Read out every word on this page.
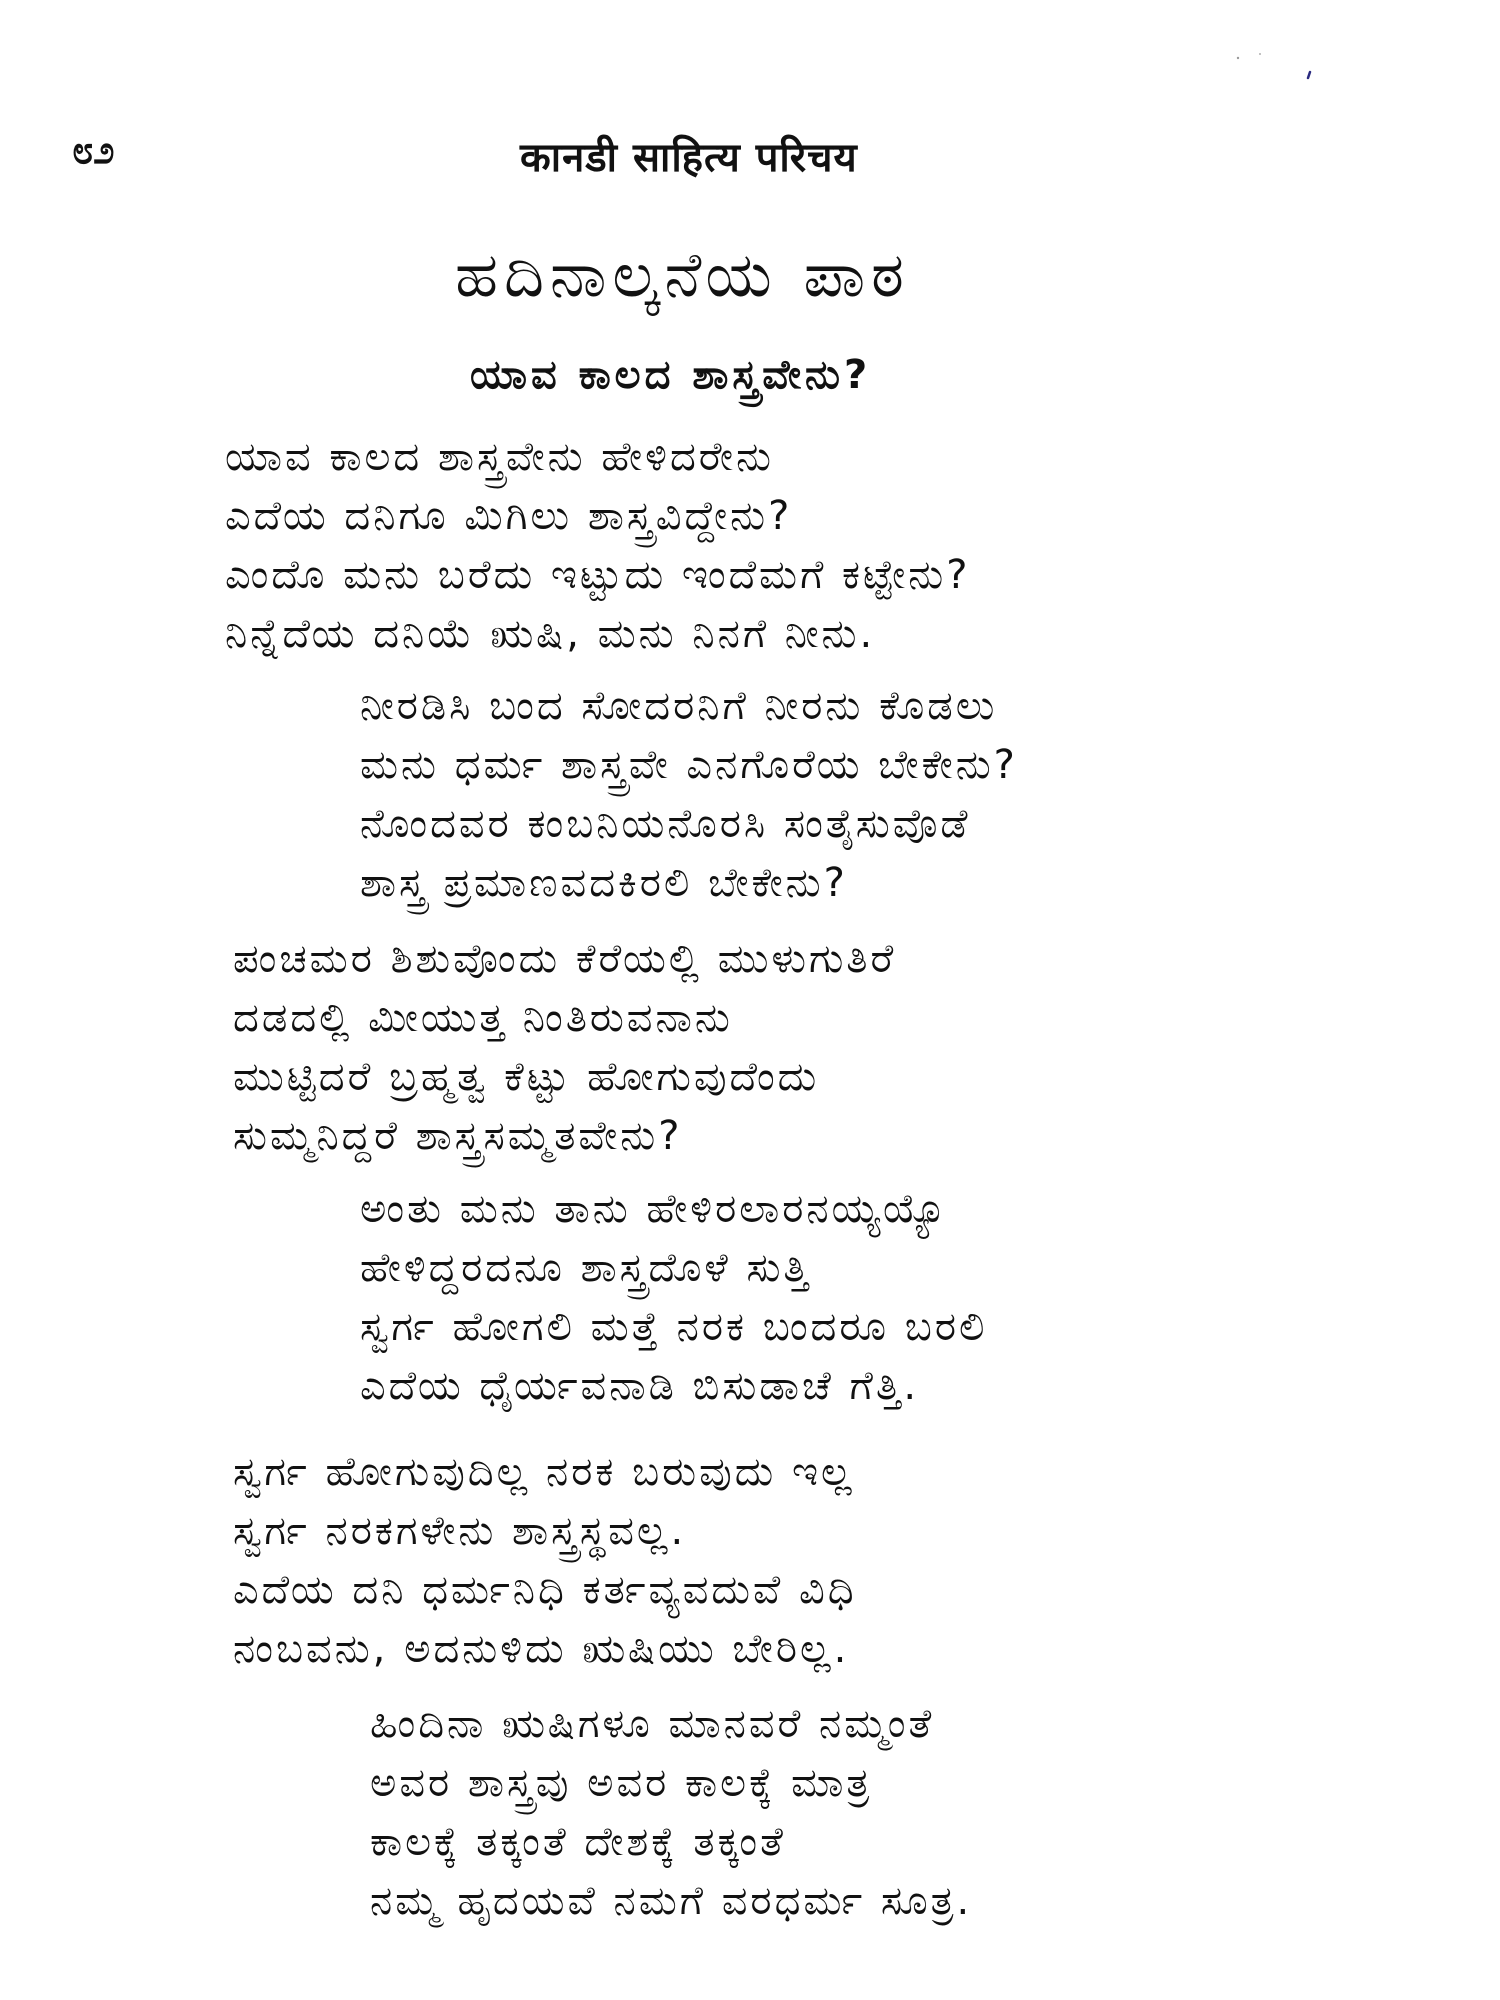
೮೨	कानडी साहित्य परिचय
ಹದಿನಾಲ್ಕನೆಯ ಪಾಠ
ಯಾವ ಕಾಲದ ಶಾಸ್ತ್ರವೇನು?
ಯಾವ ಕಾಲದ ಶಾಸ್ತ್ರವೇನು ಹೇಳಿದರೇನು
ಎದೆಯ ದನಿಗೂ ಮಿಗಿಲು ಶಾಸ್ತ್ರವಿದ್ದೇನು?
ಎಂದೊ ಮನು ಬರೆದು ಇಟ್ಟುದು ಇಂದೆಮಗೆ ಕಟ್ಟೇನು?
ನಿನ್ನೆದೆಯ ದನಿಯೆ ಋಷಿ, ಮನು ನಿನಗೆ ನೀನು.
ನೀರಡಿಸಿ ಬಂದ ಸೋದರನಿಗೆ ನೀರನು ಕೊಡಲು
ಮನು ಧರ್ಮ ಶಾಸ್ತ್ರವೇ ಎನಗೊರೆಯ ಬೇಕೇನು?
ನೊಂದವರ ಕಂಬನಿಯನೊರಸಿ ಸಂತೈಸುವೊಡೆ
ಶಾಸ್ತ್ರ ಪ್ರಮಾಣವದಕಿರಲಿ ಬೇಕೇನು?
ಪಂಚಮರ ಶಿಶುವೊಂದು ಕೆರೆಯಲ್ಲಿ ಮುಳುಗುತಿರೆ
ದಡದಲ್ಲಿ ಮೀಯುತ್ತ ನಿಂತಿರುವನಾನು
ಮುಟ್ಟಿದರೆ ಬ್ರಹ್ಮತ್ವ ಕೆಟ್ಟು ಹೋಗುವುದೆಂದು
ಸುಮ್ಮನಿದ್ದರೆ ಶಾಸ್ತ್ರಸಮ್ಮತವೇನು?
ಅಂತು ಮನು ತಾನು ಹೇಳಿರಲಾರನಯ್ಯಯ್ಯೊ
ಹೇಳಿದ್ದರದನೂ ಶಾಸ್ತ್ರದೊಳೆ ಸುತ್ತಿ
ಸ್ವರ್ಗ ಹೋಗಲಿ ಮತ್ತೆ ನರಕ ಬಂದರೂ ಬರಲಿ
ಎದೆಯ ಧೈರ್ಯವನಾಡಿ ಬಿಸುಡಾಚೆ ಗೆತ್ತಿ.
ಸ್ವರ್ಗ ಹೋಗುವುದಿಲ್ಲ ನರಕ ಬರುವುದು ಇಲ್ಲ
ಸ್ವರ್ಗ ನರಕಗಳೇನು ಶಾಸ್ತ್ರಸ್ಥವಲ್ಲ.
ಎದೆಯ ದನಿ ಧರ್ಮನಿಧಿ ಕರ್ತವ್ಯವದುವೆ ವಿಧಿ
ನಂಬವನು, ಅದನುಳಿದು ಋಷಿಯು ಬೇರಿಲ್ಲ.
ಹಿಂದಿನಾ ಋಷಿಗಳೂ ಮಾನವರೆ ನಮ್ಮಂತೆ
ಅವರ ಶಾಸ್ತ್ರವು ಅವರ ಕಾಲಕ್ಕೆ ಮಾತ್ರ
ಕಾಲಕ್ಕೆ ತಕ್ಕಂತೆ ದೇಶಕ್ಕೆ ತಕ್ಕಂತೆ
ನಮ್ಮ ಹೃದಯವೆ ನಮಗೆ ವರಧರ್ಮ ಸೂತ್ರ.
